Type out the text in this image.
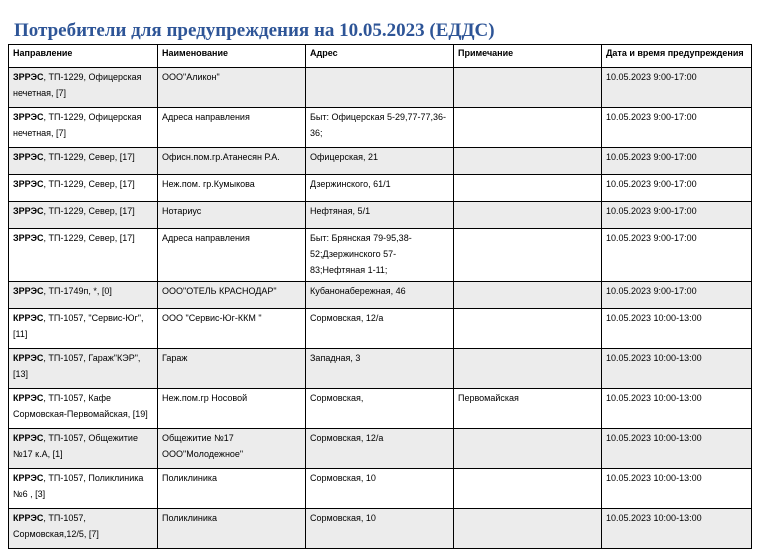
Потребители для предупреждения на 10.05.2023 (ЕДДС)
Направление	Наименование	Адрес	Примечание	Дата и время предупреждения
ЗРРЭС, ТП-1229, Офицерская нечетная, [7]	ООО"Аликон"			10.05.2023 9:00-17:00
ЗРРЭС, ТП-1229, Офицерская нечетная, [7]	Адреса направления	Быт: Офицерская 5-29,77-77,36-36;		10.05.2023 9:00-17:00
ЗРРЭС, ТП-1229, Север, [17]	Офисн.пом.гр.Атанесян Р.А.	Офицерская, 21		10.05.2023 9:00-17:00
ЗРРЭС, ТП-1229, Север, [17]	Неж.пом. гр.Кумыкова	Дзержинского, 61/1		10.05.2023 9:00-17:00
ЗРРЭС, ТП-1229, Север, [17]	Нотариус	Нефтяная, 5/1		10.05.2023 9:00-17:00
ЗРРЭС, ТП-1229, Север, [17]	Адреса направления	Быт: Брянская 79-95,38-52;Дзержинского 57-83;Нефтяная 1-11;		10.05.2023 9:00-17:00
ЗРРЭС, ТП-1749п, *, [0]	ООО"ОТЕЛЬ КРАСНОДАР"	Кубанонабережная, 46		10.05.2023 9:00-17:00
КРРЭС, ТП-1057, "Сервис-Юг", [11]	ООО "Сервис-Юг-ККМ "	Сормовская, 12/а		10.05.2023 10:00-13:00
КРРЭС, ТП-1057, Гараж"КЭР", [13]	Гараж	Западная, 3		10.05.2023 10:00-13:00
КРРЭС, ТП-1057, Кафе Сормовская-Первомайская, [19]	Неж.пом.гр Носовой	Сормовская,	Первомайская	10.05.2023 10:00-13:00
КРРЭС, ТП-1057, Общежитие №17 к.А, [1]	Общежитие №17 ООО"Молодежное"	Сормовская, 12/а		10.05.2023 10:00-13:00
КРРЭС, ТП-1057, Поликлиника №6 , [3]	Поликлиника	Сормовская, 10		10.05.2023 10:00-13:00
КРРЭС, ТП-1057, Сормовская,12/5, [7]	Поликлиника	Сормовская, 10		10.05.2023 10:00-13:00
